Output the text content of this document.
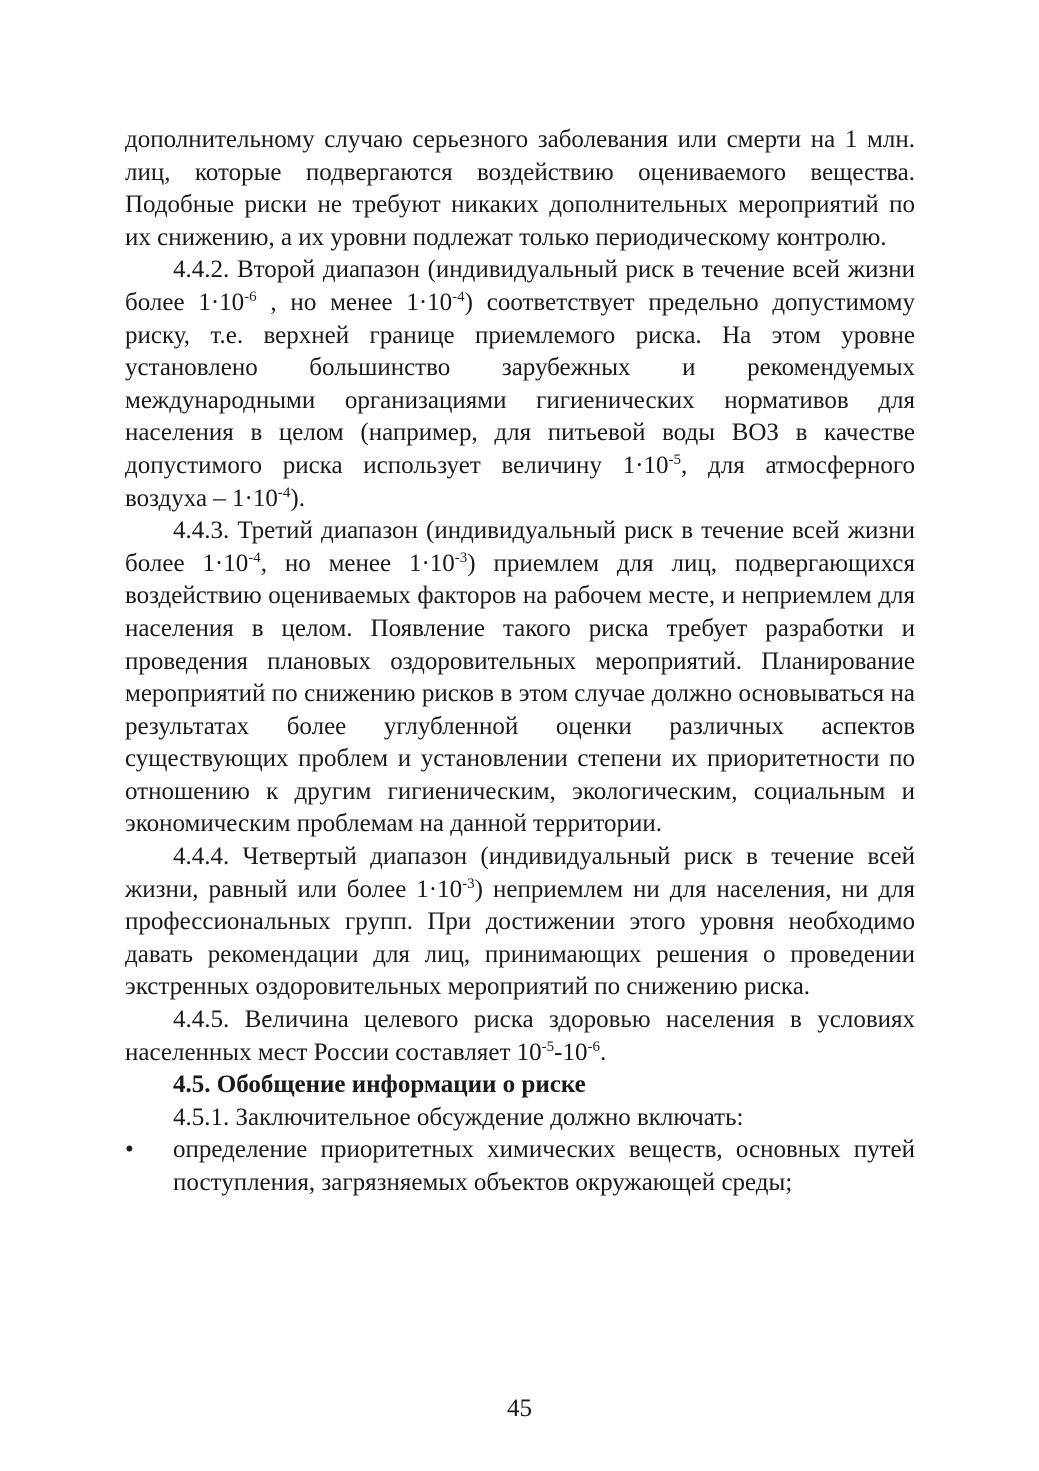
дополнительному случаю серьезного заболевания или смерти на 1 млн. лиц, которые подвергаются воздействию оцениваемого вещества. Подобные риски не требуют никаких дополнительных мероприятий по их снижению, а их уровни подлежат только периодическому контролю.

4.4.2. Второй диапазон (индивидуальный риск в течение всей жизни более $1\cdot 10^{-6}$ , но менее $1\cdot 10^{-4}$) соответствует предельно допустимому риску, т.е. верхней границе приемлемого риска. На этом уровне установлено большинство зарубежных и рекомендуемых международными организациями гигиенических нормативов для населения в целом (например, для питьевой воды ВОЗ в качестве допустимого риска использует величину $1\cdot 10^{-5}$, для атмосферного воздуха – $1\cdot 10^{-4}$).

4.4.3. Третий диапазон (индивидуальный риск в течение всей жизни более $1\cdot 10^{-4}$, но менее $1\cdot 10^{-3}$) приемлем для лиц, подвергающихся воздействию оцениваемых факторов на рабочем месте, и неприемлем для населения в целом. Появление такого риска требует разработки и проведения плановых оздоровительных мероприятий. Планирование мероприятий по снижению рисков в этом случае должно основываться на результатах более углубленной оценки различных аспектов существующих проблем и установлении степени их приоритетности по отношению к другим гигиеническим, экологическим, социальным и экономическим проблемам на данной территории.

4.4.4. Четвертый диапазон (индивидуальный риск в течение всей жизни, равный или более $1\cdot 10^{-3}$) неприемлем ни для населения, ни для профессиональных групп. При достижении этого уровня необходимо давать рекомендации для лиц, принимающих решения о проведении экстренных оздоровительных мероприятий по снижению риска.

4.4.5. Величина целевого риска здоровью населения в условиях населенных мест России составляет $10^{-5}-10^{-6}$.

4.5. Обобщение информации о риске

4.5.1. Заключительное обсуждение должно включать:

• определение приоритетных химических веществ, основных путей поступления, загрязняемых объектов окружающей среды;

45
